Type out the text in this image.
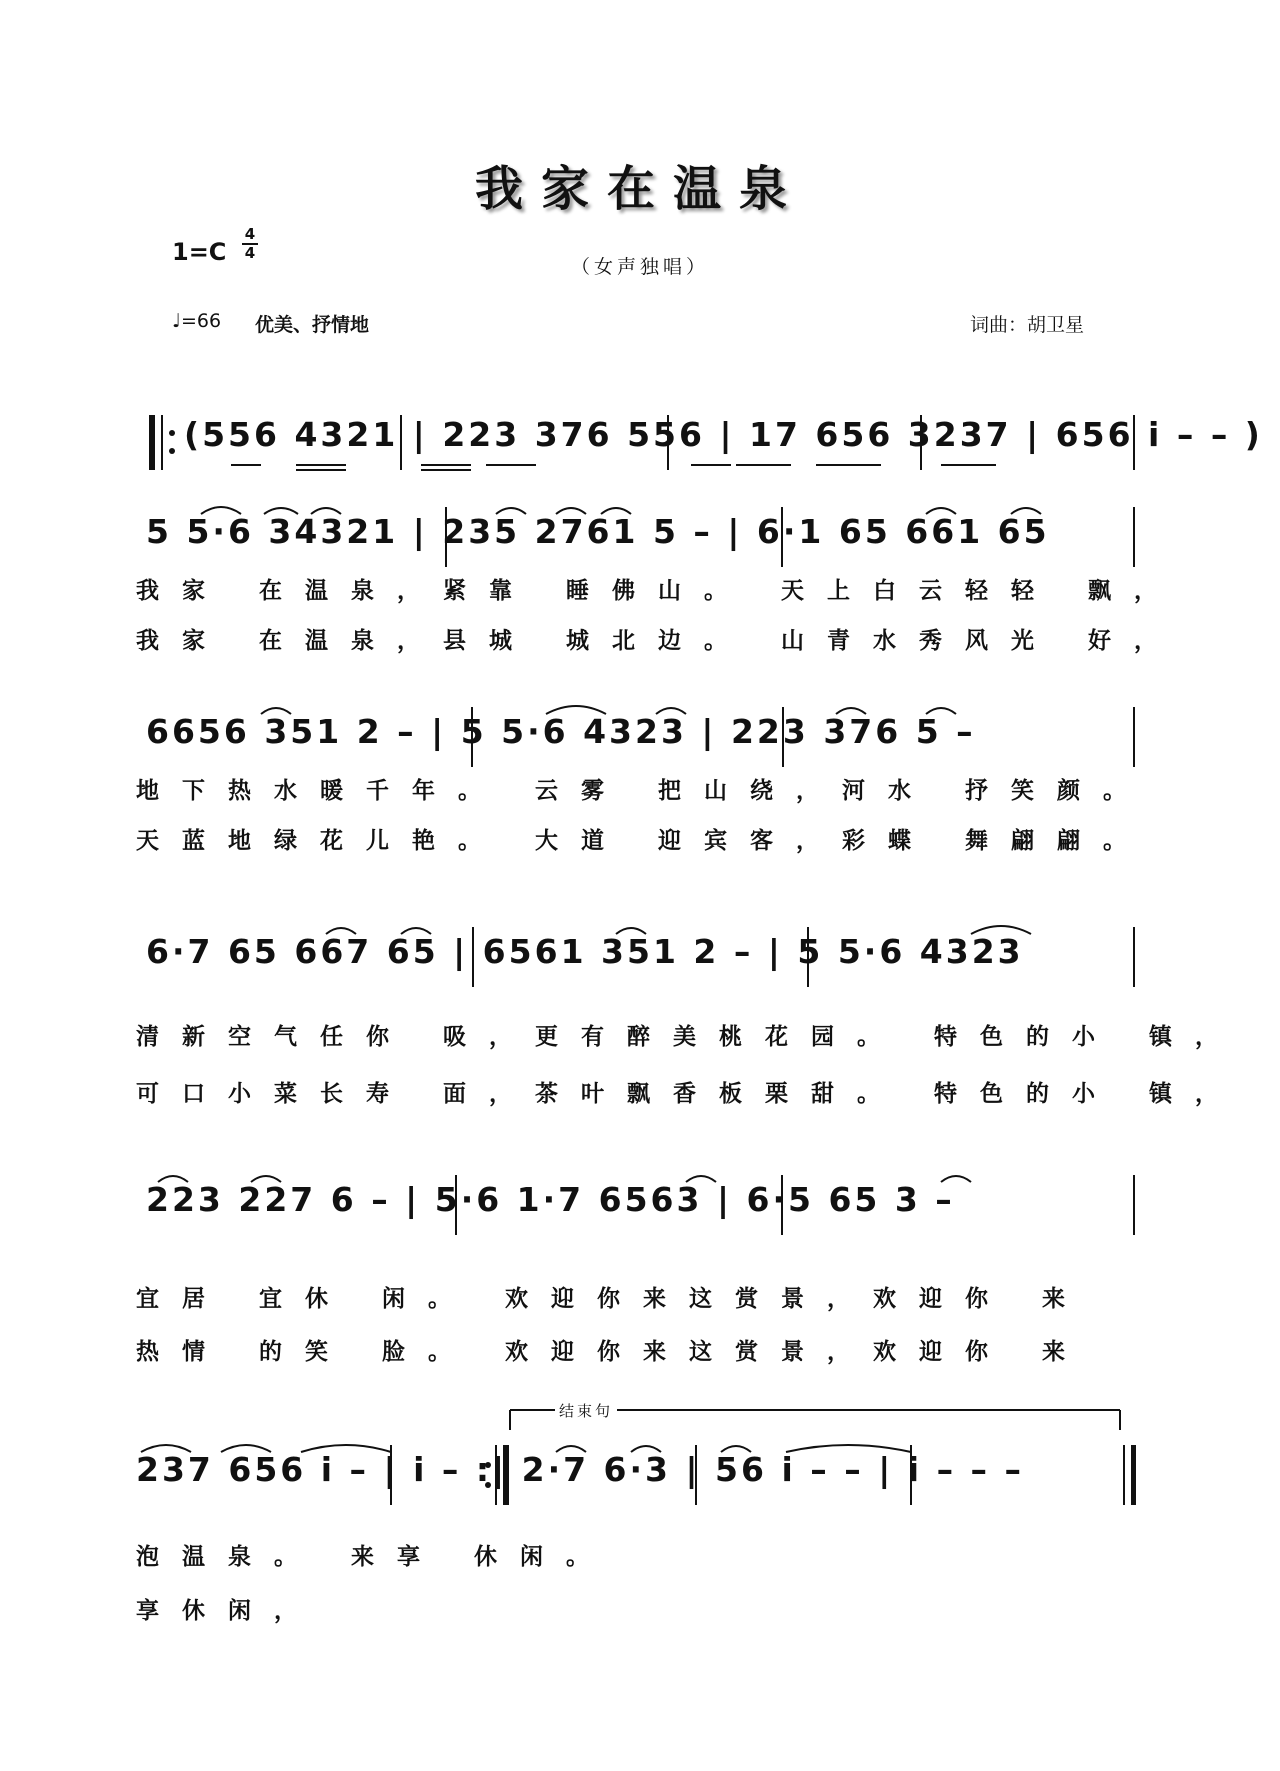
我家在温泉
1=C
4
4
（女声独唱）
♩=66 优美、抒情地	词曲：胡卫星
(556 4321 | 223 376 556 | 17 656 3237 | 656 i – – )
5 5·6 34321 | 235 2761 5 – | 6·1 65 661 65
我家 在温泉，紧靠 睡佛山。 天上白云轻轻 飘，
我家 在温泉，县城 城北边。 山青水秀风光 好，
6656 351 2 – | 5 5·6 4323 | 223 376 5 –
地下热水暖千年。 云雾 把山绕，河水 抒笑颜。
天蓝地绿花儿艳。 大道 迎宾客，彩蝶 舞翩翩。
6·7 65 667 65 | 6561 351 2 – | 5 5·6 4323
清新空气任你 吸，更有醉美桃花园。 特色的小 镇，
可口小菜长寿 面，茶叶飘香板栗甜。 特色的小 镇，
223 227 6 – | 5·6 1·7 6563 | 6·5 65 3 –
宜居 宜休 闲。 欢迎你来这赏景，欢迎你 来
热情 的笑 脸。 欢迎你来这赏景，欢迎你 来
结束句
237 656 i – | i – :| 2·7 6·3 | 56 i – – | i – – –
泡温泉。 来享 休闲。
享休闲，
